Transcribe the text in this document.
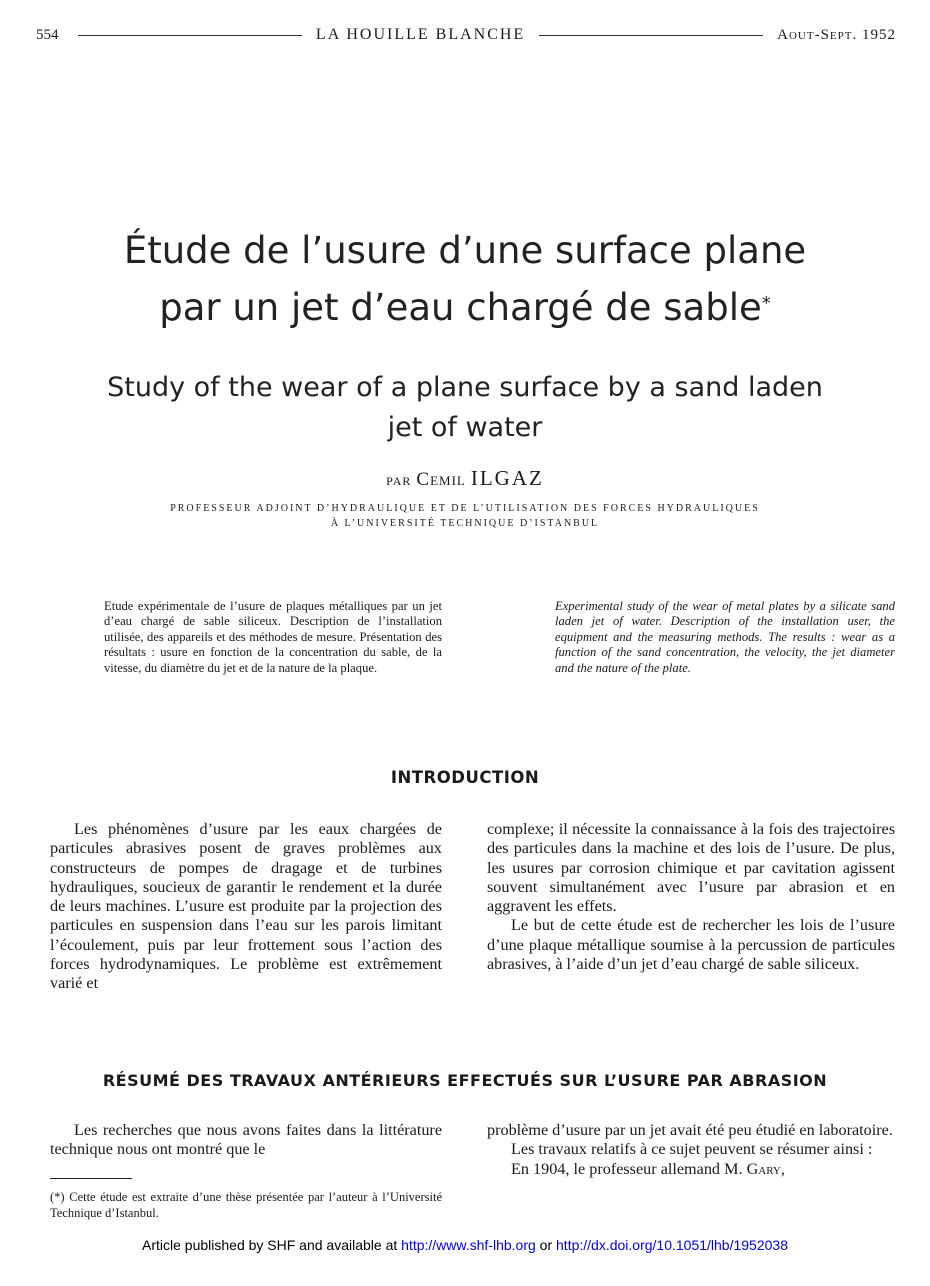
554	LA HOUILLE BLANCHE	Aout-Sept. 1952
Étude de l’usure d’une surface plane
par un jet d’eau chargé de sable*
Study of the wear of a plane surface by a sand laden
jet of water
PAR Cemil ILGAZ
PROFESSEUR ADJOINT D’HYDRAULIQUE ET DE L’UTILISATION DES FORCES HYDRAULIQUES
À L’UNIVERSITÉ TECHNIQUE D’ISTANBUL
Etude expérimentale de l’usure de plaques métalliques par un jet d’eau chargé de sable siliceux. Description de l’installation utilisée, des appareils et des méthodes de mesure. Présentation des résultats : usure en fonction de la concentration du sable, de la vitesse, du diamètre du jet et de la nature de la plaque.
Experimental study of the wear of metal plates by a silicate sand laden jet of water. Description of the installation user, the equipment and the measuring methods. The results : wear as a function of the sand concentration, the velocity, the jet diameter and the nature of the plate.
INTRODUCTION

Les phénomènes d’usure par les eaux chargées de particules abrasives posent de graves problèmes aux constructeurs de pompes de dragage et de turbines hydrauliques, soucieux de garantir le rendement et la durée de leurs machines. L’usure est produite par la projection des particules en suspension dans l’eau sur les parois limitant l’écoulement, puis par leur frottement sous l’action des forces hydrodynamiques. Le problème est extrêmement varié et

complexe; il nécessite la connaissance à la fois des trajectoires des particules dans la machine et des lois de l’usure. De plus, les usures par corrosion chimique et par cavitation agissent souvent simultanément avec l’usure par abrasion et en aggravent les effets.

Le but de cette étude est de rechercher les lois de l’usure d’une plaque métallique soumise à la percussion de particules abrasives, à l’aide d’un jet d’eau chargé de sable siliceux.

RÉSUMÉ DES TRAVAUX ANTÉRIEURS EFFECTUÉS SUR L’USURE PAR ABRASION

Les recherches que nous avons faites dans la littérature technique nous ont montré que le

problème d’usure par un jet avait été peu étudié en laboratoire.

Les travaux relatifs à ce sujet peuvent se résumer ainsi :

En 1904, le professeur allemand M. Gary,

(*) Cette étude est extraite d’une thèse présentée par l’auteur à l’Université Technique d’Istanbul.
Article published by SHF and available at http://www.shf-lhb.org or http://dx.doi.org/10.1051/lhb/1952038
